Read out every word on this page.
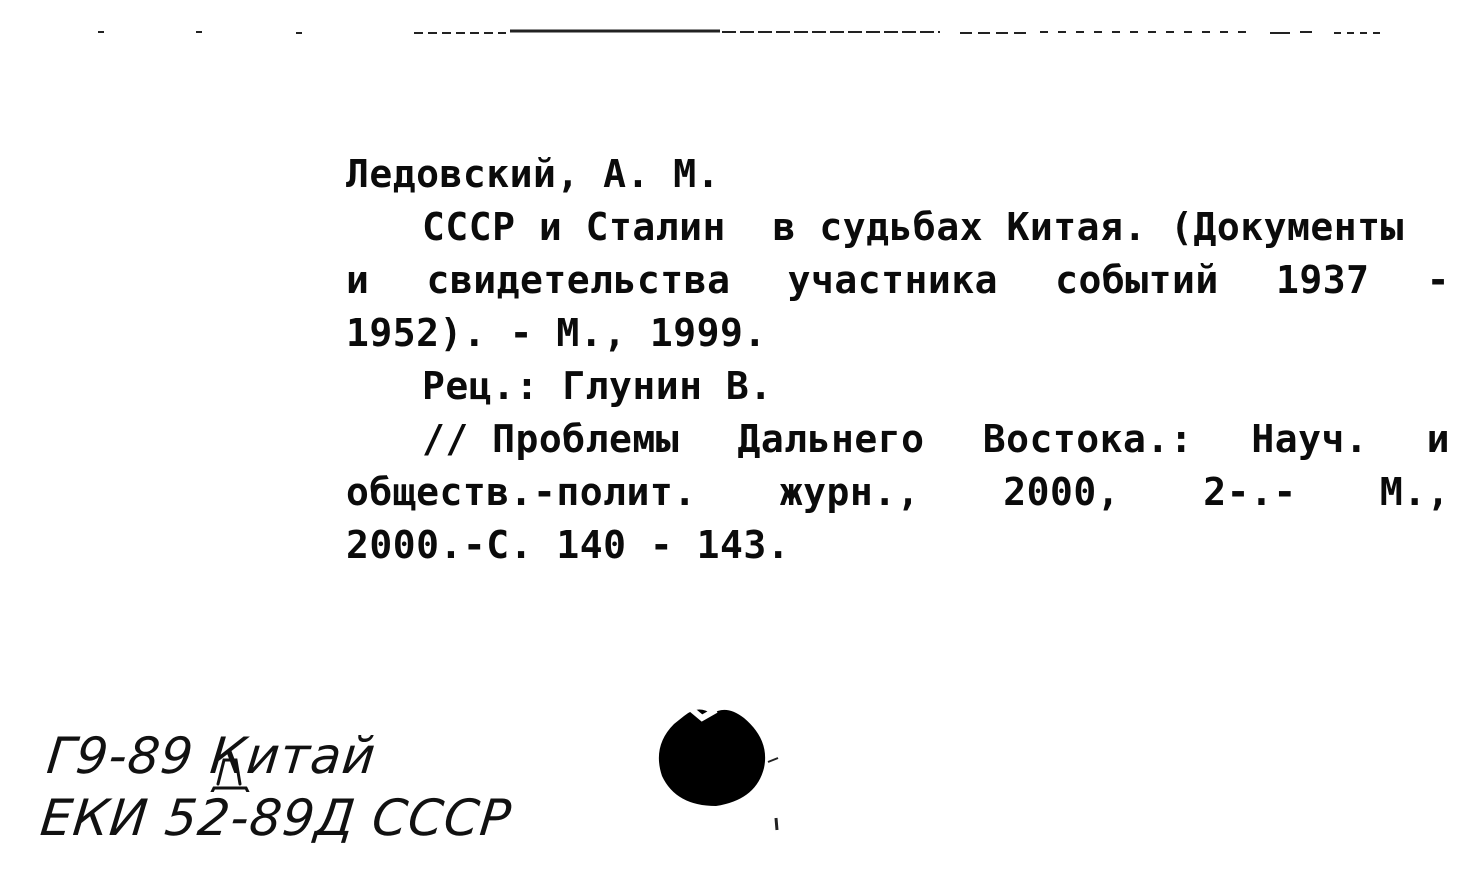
Ледовский, А. М.
СССР и Сталин  в судьбах Китая. (Документы
и свидетельства участника событий 1937 -
1952). - М., 1999.
Рец.: Глунин В.
// Проблемы Дальнего Востока.: Науч. и
обществ.-полит. журн., 2000, 2-.- М.,
2000.-С. 140 - 143.
Г9-89 Китай
ЕКИ 52-89Д СССР
